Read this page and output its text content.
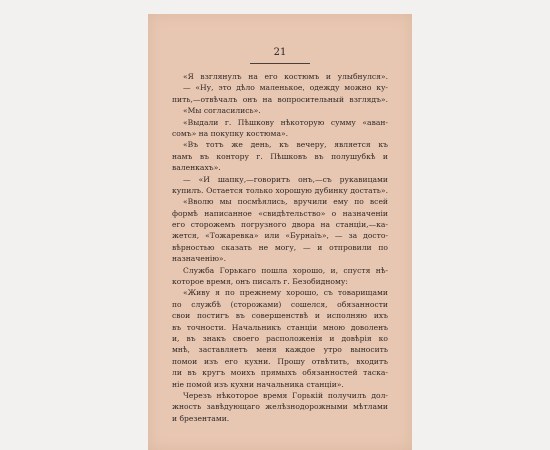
21
«Я взглянулъ на его костюмъ и улыбнулся».
— «Ну, это дѣло маленькое, одежду можно ку-
пить,—отвѣчалъ онъ на вопросительный взглядъ».
«Мы согласились».
«Выдали г. Пѣшкову нѣкоторую сумму «аван-
сомъ» на покупку костюма».
«Въ тотъ же день, къ вечеру, является къ
намъ въ контору г. Пѣшковъ въ полушубкѣ и
валенкахъ».
— «И шапку,—говоритъ онъ,—съ рукавицами
купилъ. Остается только хорошую дубинку достать».
«Вволю мы посмѣялись, вручили ему по всей
формѣ написанное «свидѣтельство» о назначеніи
его сторожемъ погрузного двора на станціи,—ка-
жется, «Тожаревка» или «Бурнаіъ», — за досто-
вѣрностью сказать не могу, — и отпровили по
назначенію».
Служба Горькаго пошла хорошо, и, спустя нѣ-
которое время, онъ писалъ г. Безобидному:
«Живу я по прежнему хорошо, съ товарищами
по службѣ (сторожами) сошелся, обязанности
свои постигъ въ совершенствѣ и исполняю ихъ
въ точности. Начальникъ станціи мною доволенъ
и, въ знакъ своего расположенія и довѣрія ко
мнѣ, заставляетъ меня каждое утро выносить
помои изъ его кухни. Прошу отвѣтить, входитъ
ли въ кругъ моихъ прямыхъ обязанностей таска-
ніе помой изъ кухни начальника станціи».
Черезъ нѣкоторое время Горькій получилъ дол-
жность завѣдующаго желѣзнодорожными мѣтлами
и брезентами.
